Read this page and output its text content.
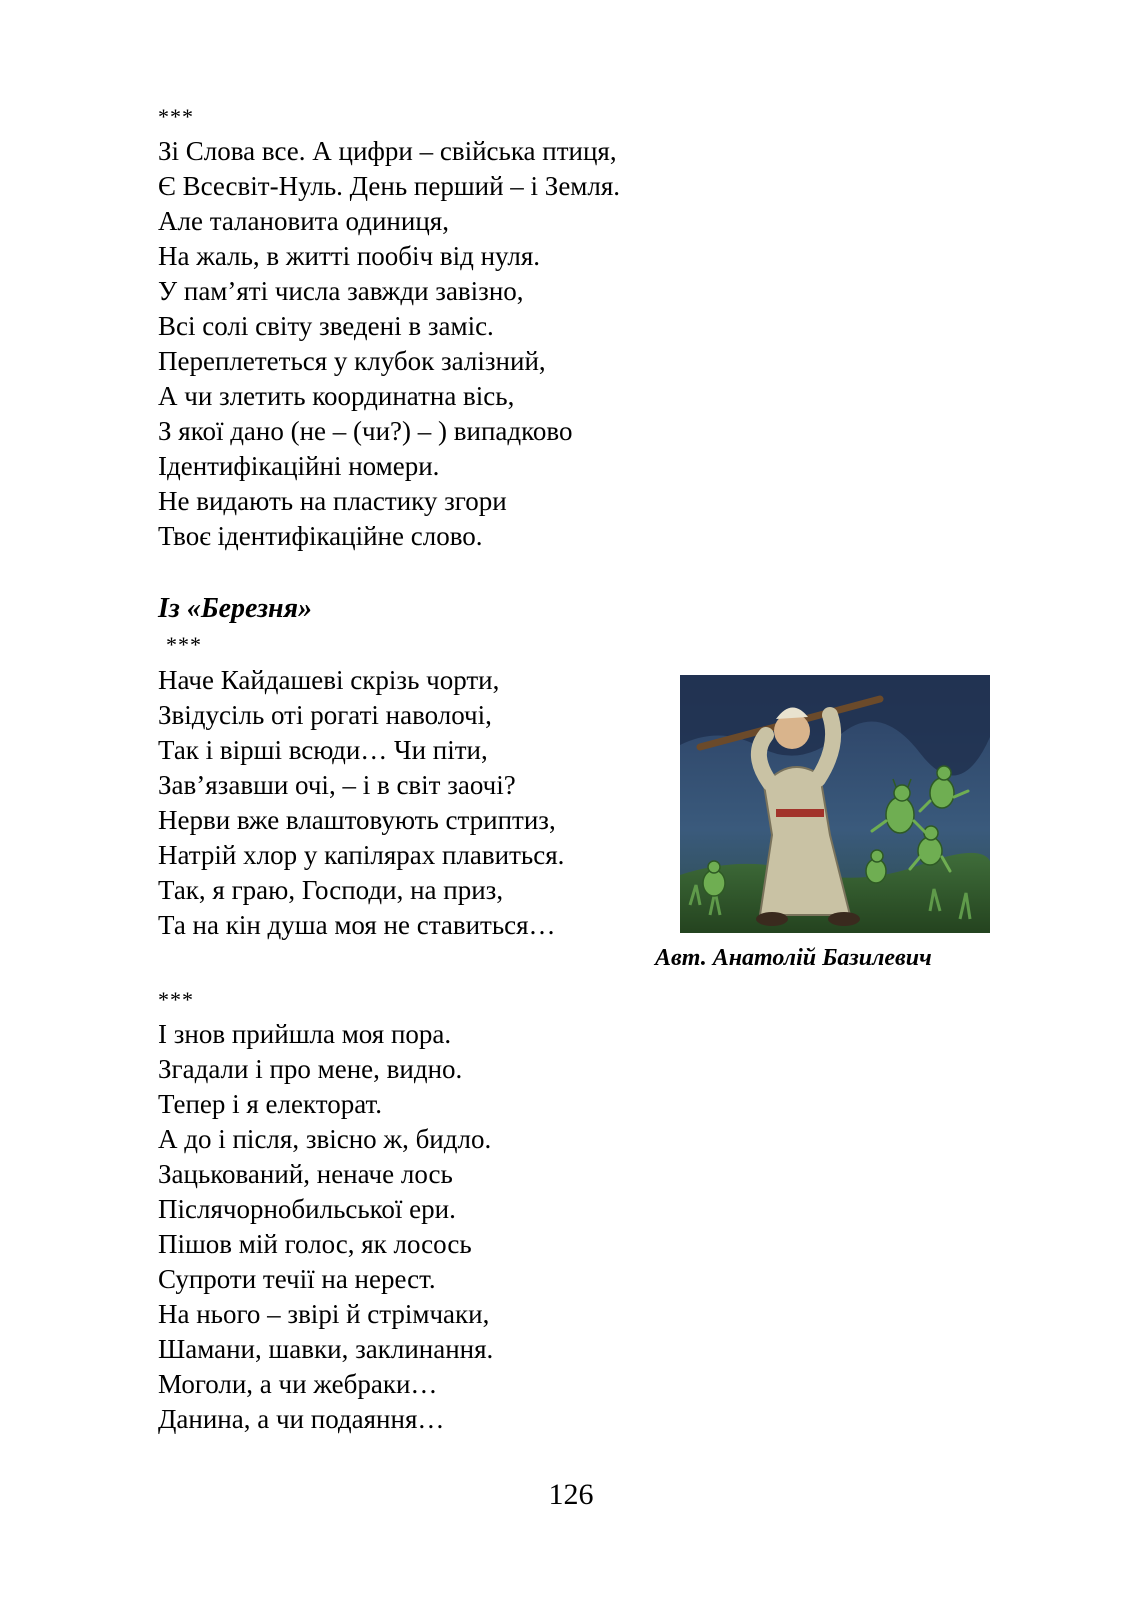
***
Зі Слова все. А цифри – свійська птиця,
Є Всесвіт-Нуль. День перший – і Земля.
Але талановита одиниця,
На жаль, в житті пообіч від нуля.
У пам’яті числа завжди завізно,
Всі солі світу зведені в заміс.
Переплететься у клубок залізний,
А чи злетить координатна вісь,
З якої дано (не – (чи?) – ) випадково
Ідентифікаційні номери.
Не видають на пластику згори
Твоє ідентифікаційне слово.
Із «Березня»
***
Наче Кайдашеві скрізь чорти,
Звідусіль оті рогаті наволочі,
Так і вірші всюди… Чи піти,
Зав’язавши очі, – і в світ заочі?
Нерви вже влаштовують стриптиз,
Натрій хлор у капілярах плавиться.
Так, я граю, Господи, на приз,
Та на кін душа моя не ставиться…
Авт. Анатолій Базилевич
***
І знов прийшла моя пора.
Згадали і про мене, видно.
Тепер і я електорат.
А до і після, звісно ж, бидло.
Зацькований, неначе лось
Післячорнобильської ери.
Пішов мій голос, як лосось
Супроти течії на нерест.
На нього – звірі й стрімчаки,
Шамани, шавки, заклинання.
Моголи, а чи жебраки…
Данина, а чи подаяння…
126
